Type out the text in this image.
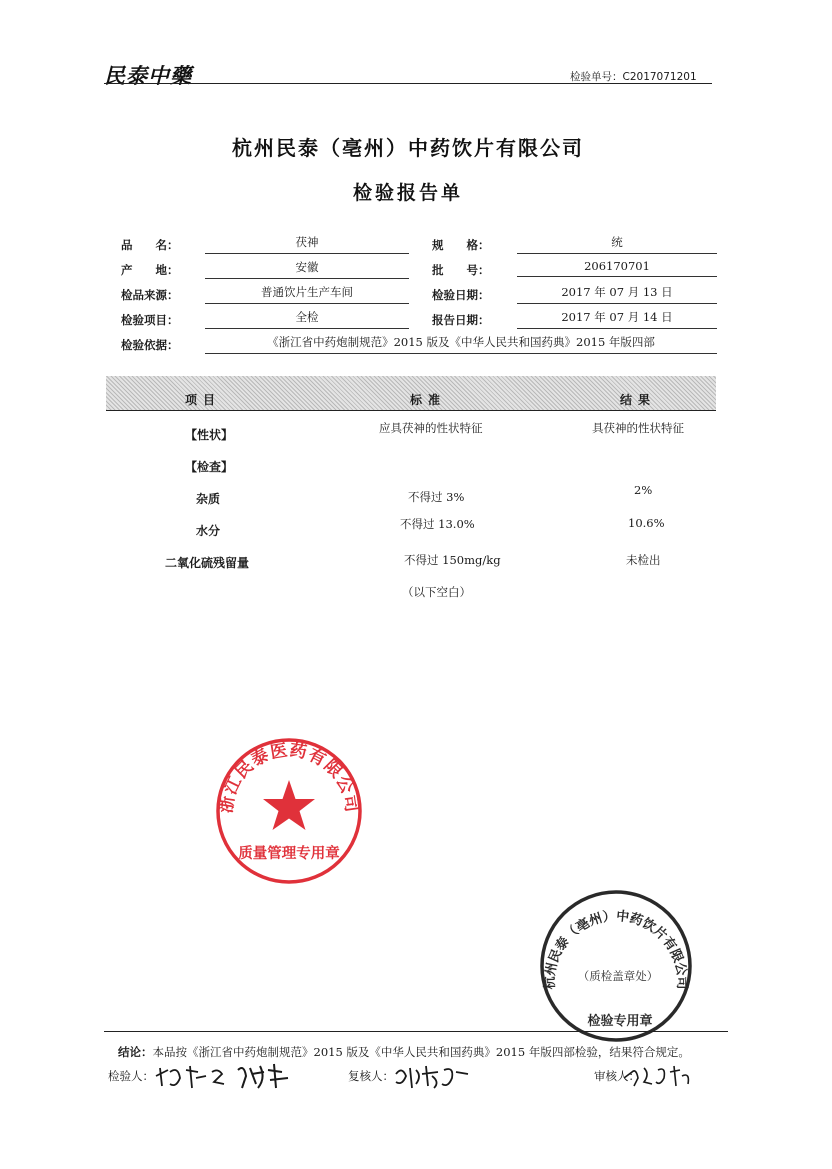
民泰中藥	检验单号：C2017071201
杭州民泰（亳州）中药饮片有限公司
检验报告单
品　　名：	茯神	规　　格：	统
产　　地：	安徽	批　　号：	206170701
检品来源：	普通饮片生产车间	检验日期：	2017 年 07 月 13 日
检验项目：	全检	报告日期：	2017 年 07 月 14 日
检验依据：	《浙江省中药炮制规范》2015 版及《中华人民共和国药典》2015 年版四部
项目	标准	结果
【性状】	应具茯神的性状特征	具茯神的性状特征
【检查】
杂质	不得过 3%	2%
水分	不得过 13.0%	10.6%
二氧化硫残留量	不得过 150mg/kg	未检出
（以下空白）
浙江民泰医药有限公司
质量管理专用章
杭州民泰（亳州）中药饮片有限公司
（质检盖章处）
检验专用章
结论：本品按《浙江省中药炮制规范》2015 版及《中华人民共和国药典》2015 年版四部检验，结果符合规定。
检验人：	复核人：	审核人：
